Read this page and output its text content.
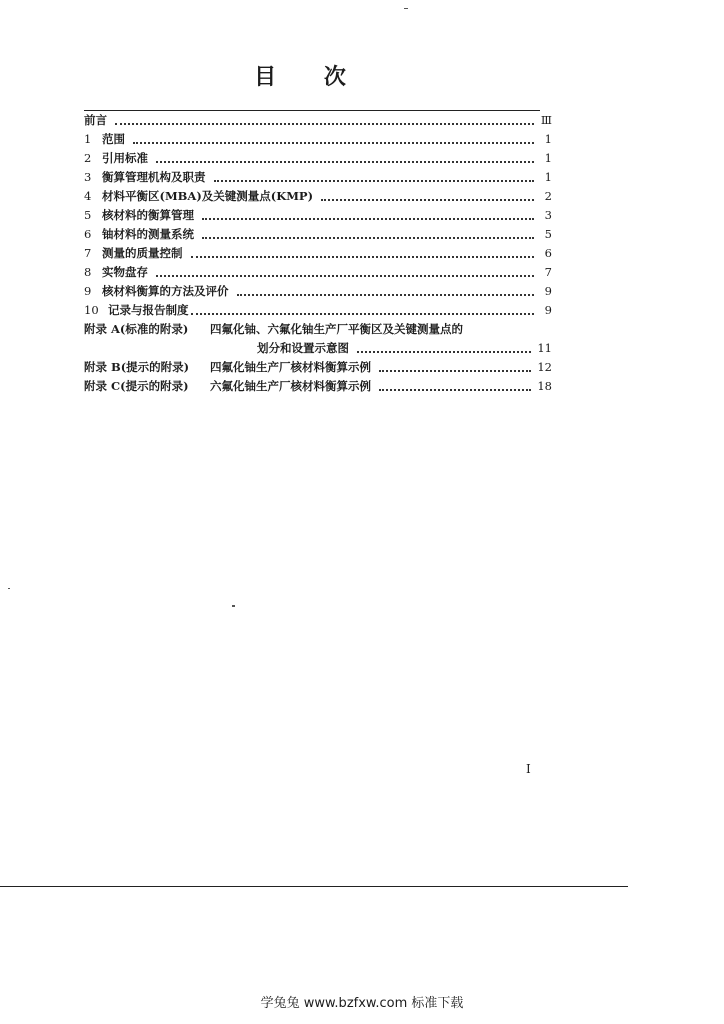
目 次
前言	Ⅲ
1 范围	1
2 引用标准	1
3 衡算管理机构及职责	1
4 材料平衡区(MBA)及关键测量点(KMP)	2
5 核材料的衡算管理	3
6 铀材料的测量系统	5
7 测量的质量控制	6
8 实物盘存	7
9 核材料衡算的方法及评价	9
10 记录与报告制度	9
附录 A(标准的附录)	四氟化铀、六氟化铀生产厂平衡区及关键测量点的
划分和设置示意图	11
附录 B(提示的附录)	四氟化铀生产厂核材料衡算示例	12
附录 C(提示的附录)	六氟化铀生产厂核材料衡算示例	18
I
学兔兔 www.bzfxw.com 标准下载
